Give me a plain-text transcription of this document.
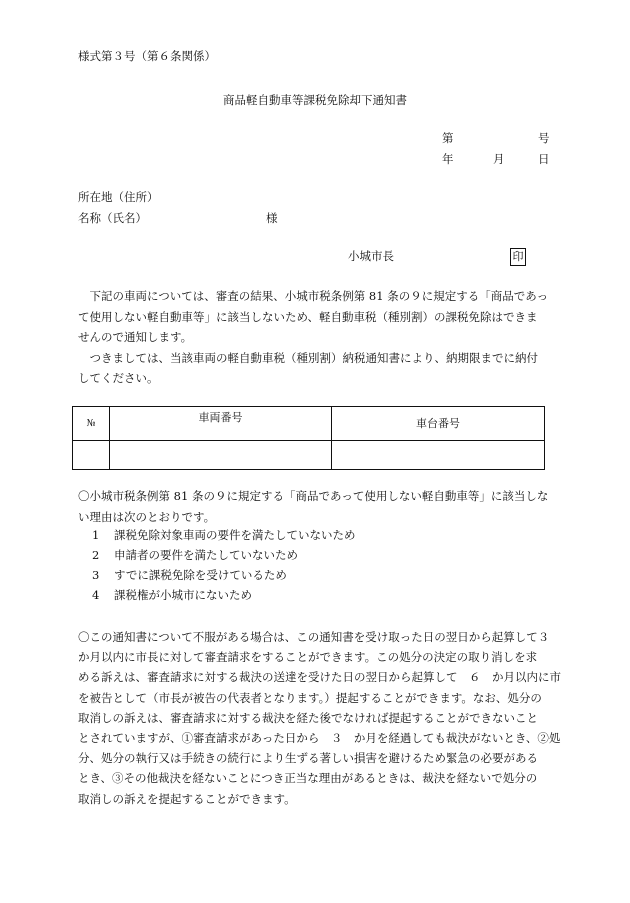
様式第３号（第６条関係）
商品軽自動車等課税免除却下通知書
第	号
年	月	日
所在地（住所）
名称（氏名）	様
小城市長	印
　下記の車両については、審査の結果、小城市税条例第 81 条の９に規定する「商品であっ
て使用しない軽自動車等」に該当しないため、軽自動車税（種別割）の課税免除はできま
せんので通知します。
　つきましては、当該車両の軽自動車税（種別割）納税通知書により、納期限までに納付
してください。
№	車両番号	車台番号

〇小城市税条例第 81 条の９に規定する「商品であって使用しない軽自動車等」に該当しな
い理由は次のとおりです。
1 課税免除対象車両の要件を満たしていないため
2 申請者の要件を満たしていないため
3 すでに課税免除を受けているため
4 課税権が小城市にないため
〇この通知書について不服がある場合は、この通知書を受け取った日の翌日から起算して３
か月以内に市長に対して審査請求をすることができます。この処分の決定の取り消しを求
める訴えは、審査請求に対する裁決の送達を受けた日の翌日から起算して　６　か月以内に市
を被告として（市長が被告の代表者となります。）提起することができます。なお、処分の
取消しの訴えは、審査請求に対する裁決を経た後でなければ提起することができないこと
とされていますが、①審査請求があった日から　３　か月を経過しても裁決がないとき、②処
分、処分の執行又は手続きの続行により生ずる著しい損害を避けるため緊急の必要がある
とき、③その他裁決を経ないことにつき正当な理由があるときは、裁決を経ないで処分の
取消しの訴えを提起することができます。
